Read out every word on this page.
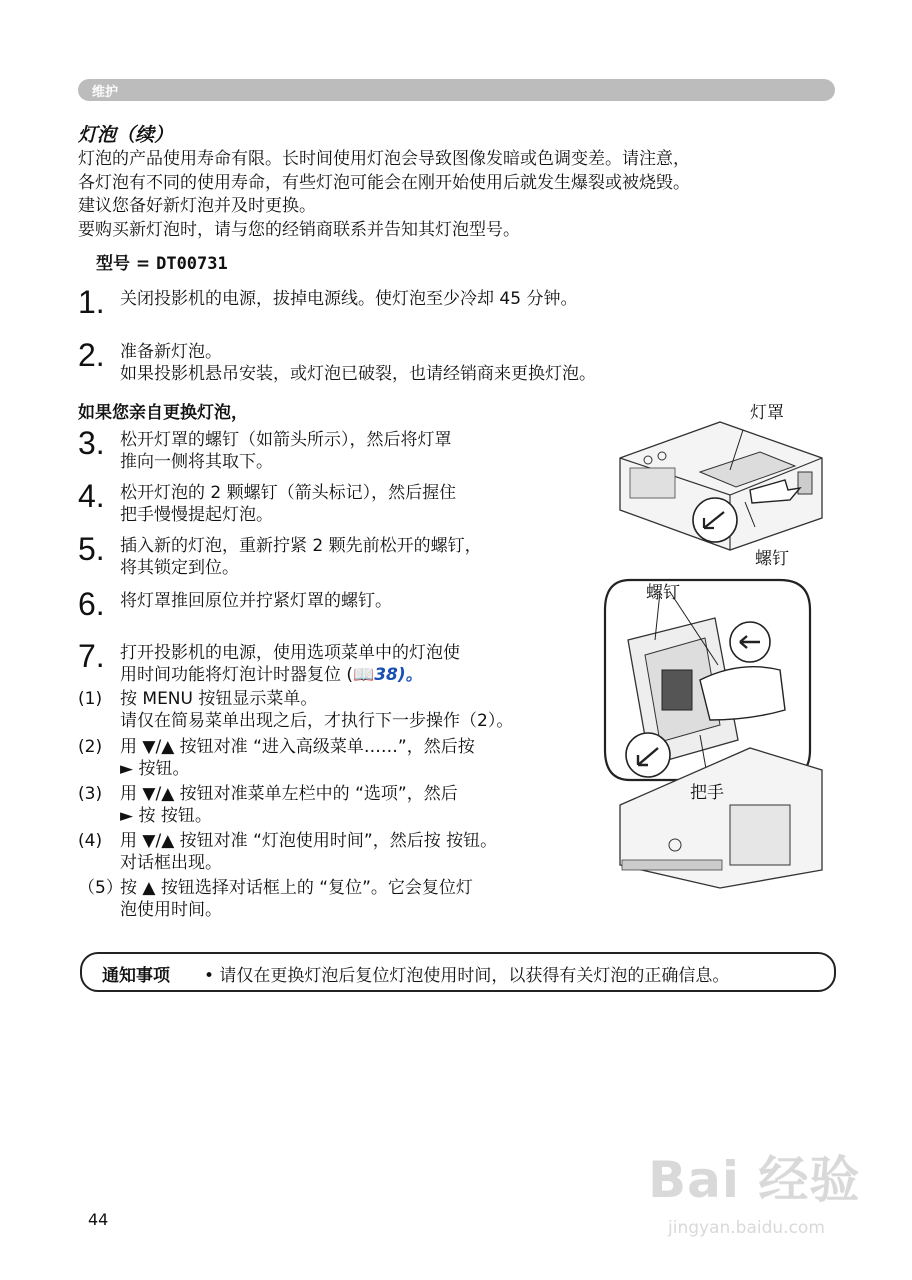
维护
灯泡（续）
灯泡的产品使用寿命有限。长时间使用灯泡会导致图像发暗或色调变差。请注意，
各灯泡有不同的使用寿命，有些灯泡可能会在刚开始使用后就发生爆裂或被烧毁。
建议您备好新灯泡并及时更换。
要购买新灯泡时，请与您的经销商联系并告知其灯泡型号。
型号 = DT00731
1. 关闭投影机的电源，拔掉电源线。使灯泡至少冷却 45 分钟。
2. 准备新灯泡。
如果投影机悬吊安装，或灯泡已破裂，也请经销商来更换灯泡。
如果您亲自更换灯泡，
3. 松开灯罩的螺钉（如箭头所示），然后将灯罩
推向一侧将其取下。
4. 松开灯泡的 2 颗螺钉（箭头标记），然后握住
把手慢慢提起灯泡。
5. 插入新的灯泡，重新拧紧 2 颗先前松开的螺钉，
将其锁定到位。
6. 将灯罩推回原位并拧紧灯罩的螺钉。
7. 打开投影机的电源，使用选项菜单中的灯泡使
用时间功能将灯泡计时器复位 (📖38)。
(1) 按 MENU 按钮显示菜单。
请仅在简易菜单出现之后，才执行下一步操作（2）。
(2) 用 ▼/▲ 按钮对准 “进入高级菜单……”，然后按
► 按钮。
(3) 用 ▼/▲ 按钮对准菜单左栏中的 “选项”，然后
► 按 按钮。
(4) 用 ▼/▲ 按钮对准 “灯泡使用时间”，然后按 按钮。
对话框出现。
（5）
按 ▲ 按钮选择对话框上的 “复位”。它会复位灯
泡使用时间。
灯罩
螺钉
螺钉
把手
通知事项 • 请仅在更换灯泡后复位灯泡使用时间，以获得有关灯泡的正确信息。
44
Bai 经验
jingyan.baidu.com
